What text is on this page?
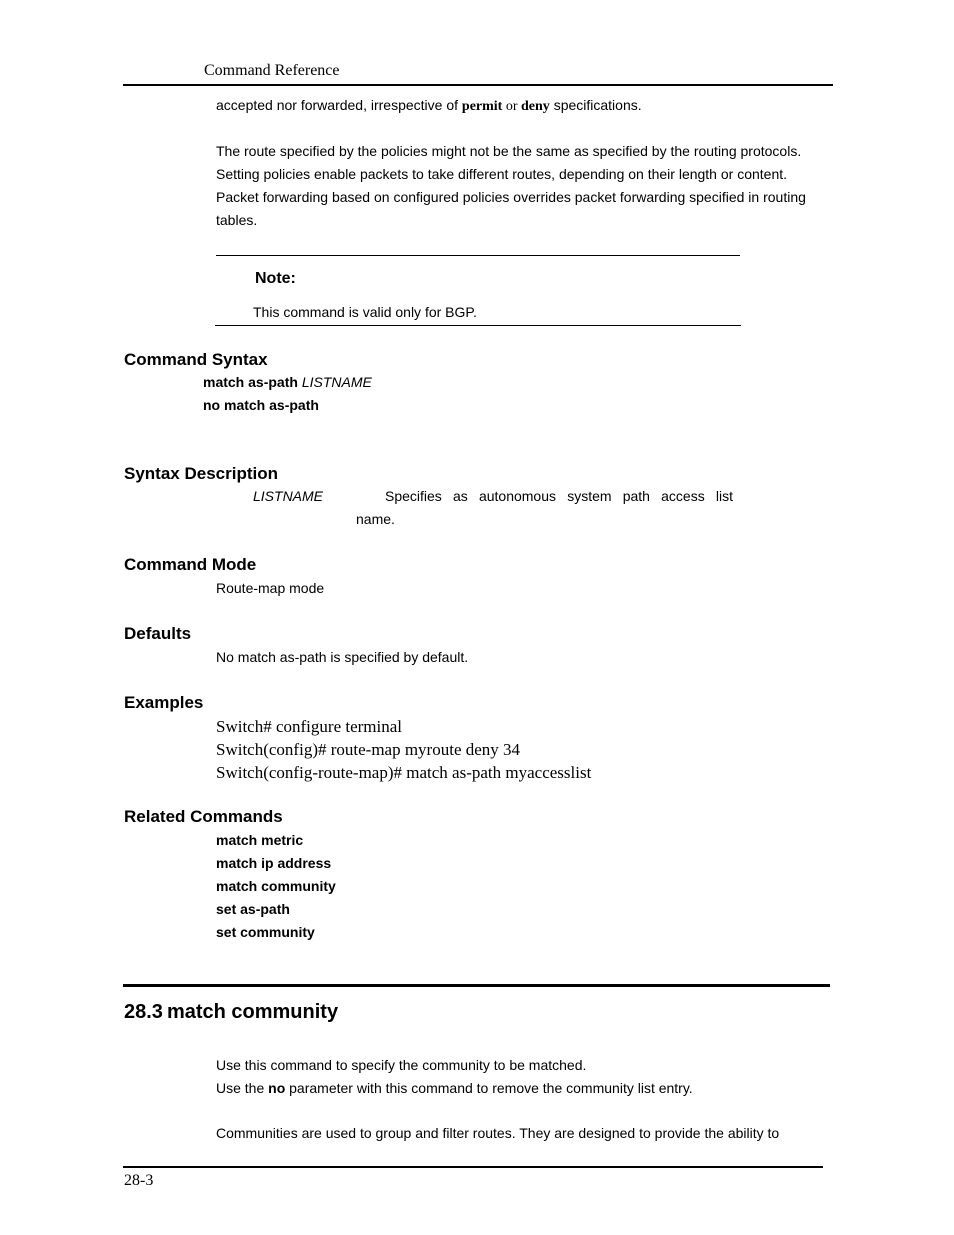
Command Reference
accepted nor forwarded, irrespective of permit or deny specifications.
The route specified by the policies might not be the same as specified by the routing protocols.
Setting policies enable packets to take different routes, depending on their length or content.
Packet forwarding based on configured policies overrides packet forwarding specified in routing
tables.
Note:
This command is valid only for BGP.
Command Syntax
match as-path LISTNAME
no match as-path
Syntax Description
LISTNAME	Specifies as autonomous system path access list
name.
Command Mode
Route-map mode
Defaults
No match as-path is specified by default.
Examples
Switch# configure terminal
Switch(config)# route-map myroute deny 34
Switch(config-route-map)# match as-path myaccesslist
Related Commands
match metric
match ip address
match community
set as-path
set community
28.3 match community
Use this command to specify the community to be matched.
Use the no parameter with this command to remove the community list entry.
Communities are used to group and filter routes. They are designed to provide the ability to
28-3
